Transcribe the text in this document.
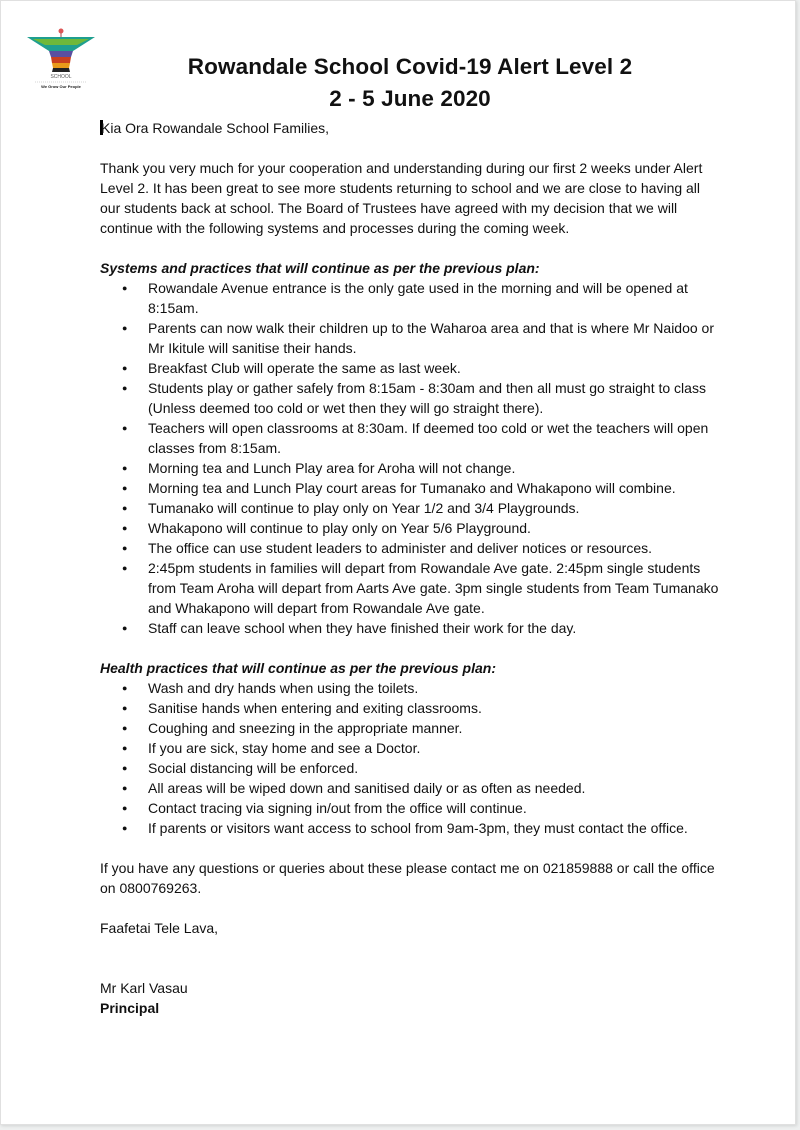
SCHOOL
We Grow Our People
Rowandale School Covid-19 Alert Level 2
2 - 5 June 2020

Kia Ora Rowandale School Families,

Thank you very much for your cooperation and understanding during our first 2 weeks under Alert Level 2. It has been great to see more students returning to school and we are close to having all our students back at school. The Board of Trustees have agreed with my decision that we will continue with the following systems and processes during the coming week.

Systems and practices that will continue as per the previous plan:

● Rowandale Avenue entrance is the only gate used in the morning and will be opened at 8:15am.
● Parents can now walk their children up to the Waharoa area and that is where Mr Naidoo or Mr Ikitule will sanitise their hands.
● Breakfast Club will operate the same as last week.
● Students play or gather safely from 8:15am - 8:30am and then all must go straight to class (Unless deemed too cold or wet then they will go straight there).
● Teachers will open classrooms at 8:30am. If deemed too cold or wet the teachers will open classes from 8:15am.
● Morning tea and Lunch Play area for Aroha will not change.
● Morning tea and Lunch Play court areas for Tumanako and Whakapono will combine.
● Tumanako will continue to play only on Year 1/2 and 3/4 Playgrounds.
● Whakapono will continue to play only on Year 5/6 Playground.
● The office can use student leaders to administer and deliver notices or resources.
● 2:45pm students in families will depart from Rowandale Ave gate. 2:45pm single students from Team Aroha will depart from Aarts Ave gate. 3pm single students from Team Tumanako and Whakapono will depart from Rowandale Ave gate.
● Staff can leave school when they have finished their work for the day.

Health practices that will continue as per the previous plan:

● Wash and dry hands when using the toilets.
● Sanitise hands when entering and exiting classrooms.
● Coughing and sneezing in the appropriate manner.
● If you are sick, stay home and see a Doctor.
● Social distancing will be enforced.
● All areas will be wiped down and sanitised daily or as often as needed.
● Contact tracing via signing in/out from the office will continue.
● If parents or visitors want access to school from 9am-3pm, they must contact the office.

If you have any questions or queries about these please contact me on 021859888 or call the office on 0800769263.

Faafetai Tele Lava,

Mr Karl Vasau

Principal
